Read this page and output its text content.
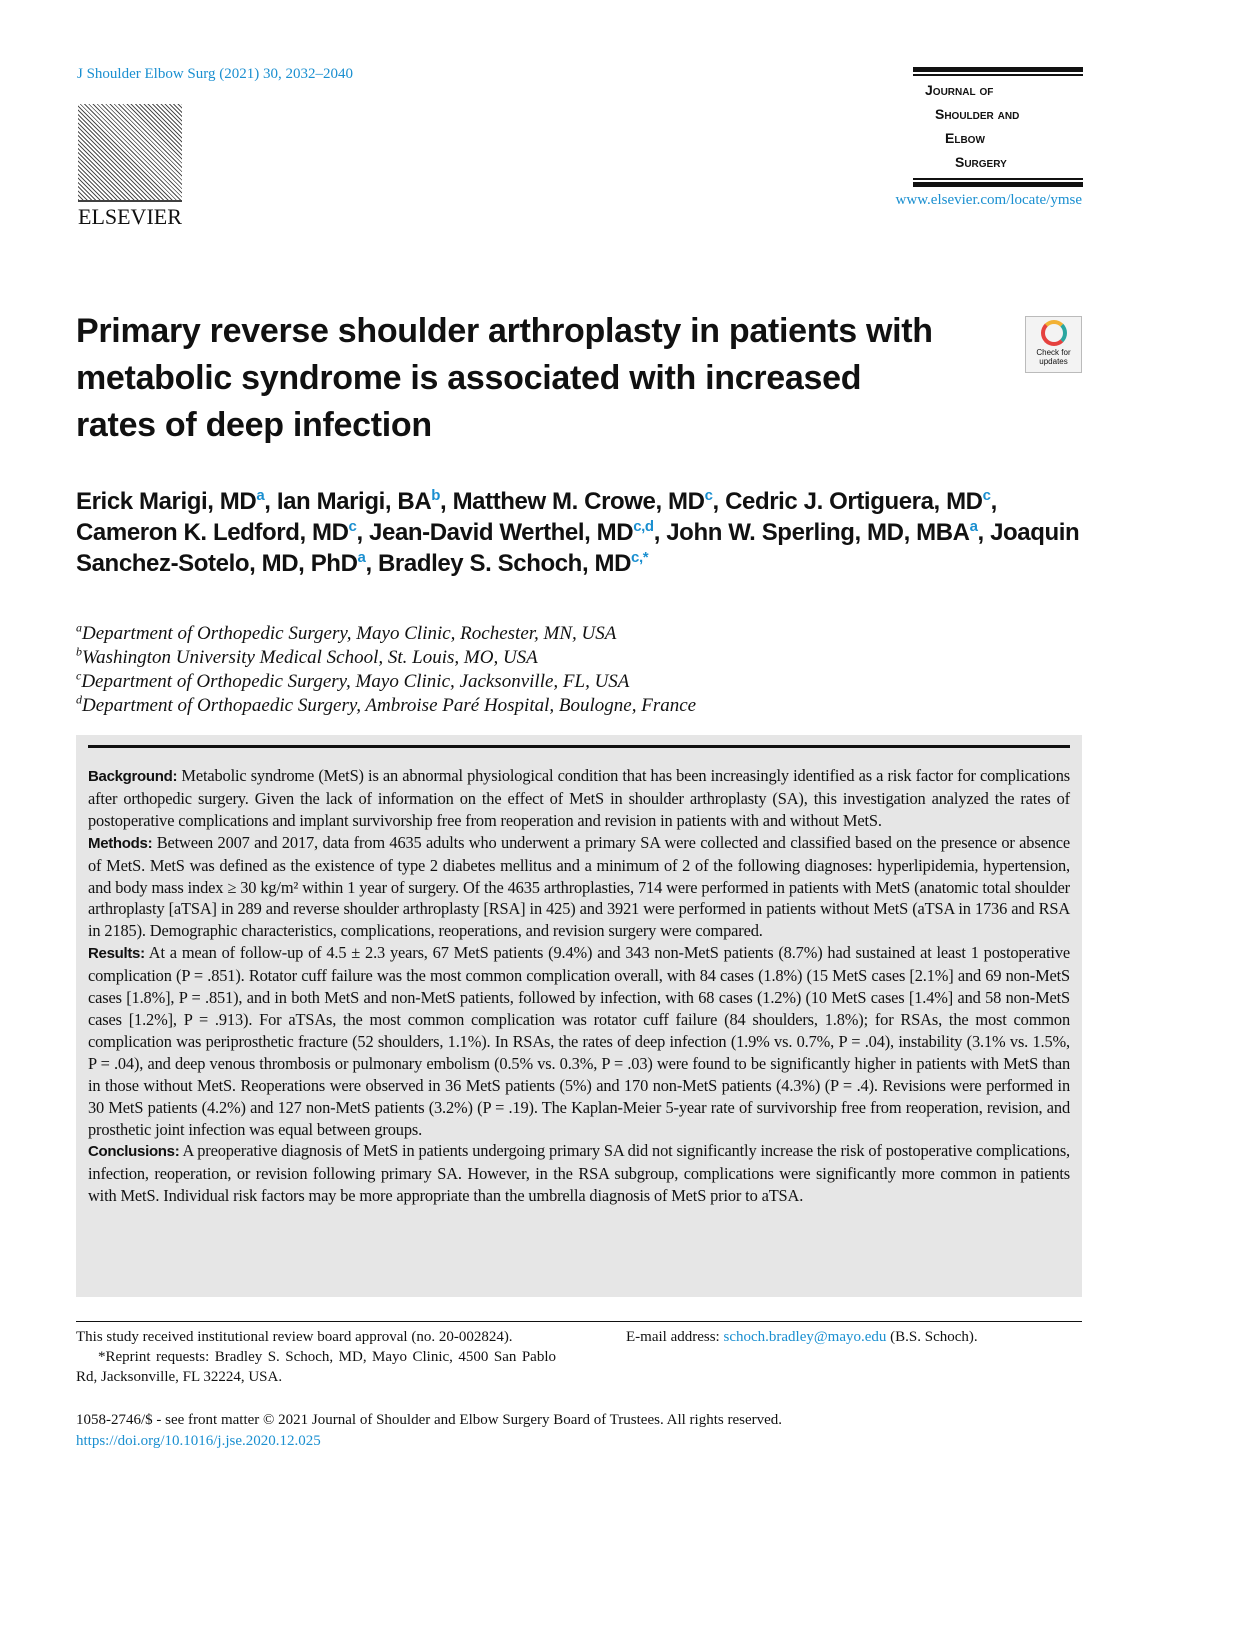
J Shoulder Elbow Surg (2021) 30, 2032–2040
ELSEVIER
Journal of
Shoulder and
Elbow
Surgery
www.elsevier.com/locate/ymse
Primary reverse shoulder arthroplasty in patients with metabolic syndrome is associated with increased rates of deep infection
Check for updates
Erick Marigi, $MD^a$, Ian Marigi, $BA^b$, Matthew M. Crowe, $MD^c$, Cedric J. Ortiguera, $MD^c$, Cameron K. Ledford, $MD^c$, Jean-David Werthel, MD$^{c,d}$, John W. Sperling, MD, MBA$^a$, Joaquin Sanchez-Sotelo, MD, PhD$^a$, Bradley S. Schoch, $MD^{c,*}$
$^a$Department of Orthopedic Surgery, Mayo Clinic, Rochester, MN, USA
$^b$Washington University Medical School, St. Louis, MO, USA
$^c$Department of Orthopedic Surgery, Mayo Clinic, Jacksonville, FL, USA
$^d$Department of Orthopaedic Surgery, Ambroise Paré Hospital, Boulogne, France
Background: Metabolic syndrome (MetS) is an abnormal physiological condition that has been increasingly identified as a risk factor for complications after orthopedic surgery. Given the lack of information on the effect of MetS in shoulder arthroplasty (SA), this investigation analyzed the rates of postoperative complications and implant survivorship free from reoperation and revision in patients with and without MetS.
Methods: Between 2007 and 2017, data from 4635 adults who underwent a primary SA were collected and classified based on the presence or absence of MetS. MetS was defined as the existence of type 2 diabetes mellitus and a minimum of 2 of the following diagnoses: hyperlipidemia, hypertension, and body mass index ≥ 30 kg/m² within 1 year of surgery. Of the 4635 arthroplasties, 714 were performed in patients with MetS (anatomic total shoulder arthroplasty [aTSA] in 289 and reverse shoulder arthroplasty [RSA] in 425) and 3921 were performed in patients without MetS (aTSA in 1736 and RSA in 2185). Demographic characteristics, complications, reoperations, and revision surgery were compared.
Results: At a mean of follow-up of 4.5 ± 2.3 years, 67 MetS patients (9.4%) and 343 non-MetS patients (8.7%) had sustained at least 1 postoperative complication (P = .851). Rotator cuff failure was the most common complication overall, with 84 cases (1.8%) (15 MetS cases [2.1%] and 69 non-MetS cases [1.8%], P = .851), and in both MetS and non-MetS patients, followed by infection, with 68 cases (1.2%) (10 MetS cases [1.4%] and 58 non-MetS cases [1.2%], P = .913). For aTSAs, the most common complication was rotator cuff failure (84 shoulders, 1.8%); for RSAs, the most common complication was periprosthetic fracture (52 shoulders, 1.1%). In RSAs, the rates of deep infection (1.9% vs. 0.7%, P = .04), instability (3.1% vs. 1.5%, P = .04), and deep venous thrombosis or pulmonary embolism (0.5% vs. 0.3%, P = .03) were found to be significantly higher in patients with MetS than in those without MetS. Reoperations were observed in 36 MetS patients (5%) and 170 non-MetS patients (4.3%) (P = .4). Revisions were performed in 30 MetS patients (4.2%) and 127 non-MetS patients (3.2%) (P = .19). The Kaplan-Meier 5-year rate of survivorship free from reoperation, revision, and prosthetic joint infection was equal between groups.
Conclusions: A preoperative diagnosis of MetS in patients undergoing primary SA did not significantly increase the risk of postoperative complications, infection, reoperation, or revision following primary SA. However, in the RSA subgroup, complications were significantly more common in patients with MetS. Individual risk factors may be more appropriate than the umbrella diagnosis of MetS prior to aTSA.
This study received institutional review board approval (no. 20-002824).
*Reprint requests: Bradley S. Schoch, MD, Mayo Clinic, 4500 San Pablo Rd, Jacksonville, FL 32224, USA.
E-mail address: schoch.bradley@mayo.edu (B.S. Schoch).
1058-2746/$ - see front matter © 2021 Journal of Shoulder and Elbow Surgery Board of Trustees. All rights reserved.
https://doi.org/10.1016/j.jse.2020.12.025
